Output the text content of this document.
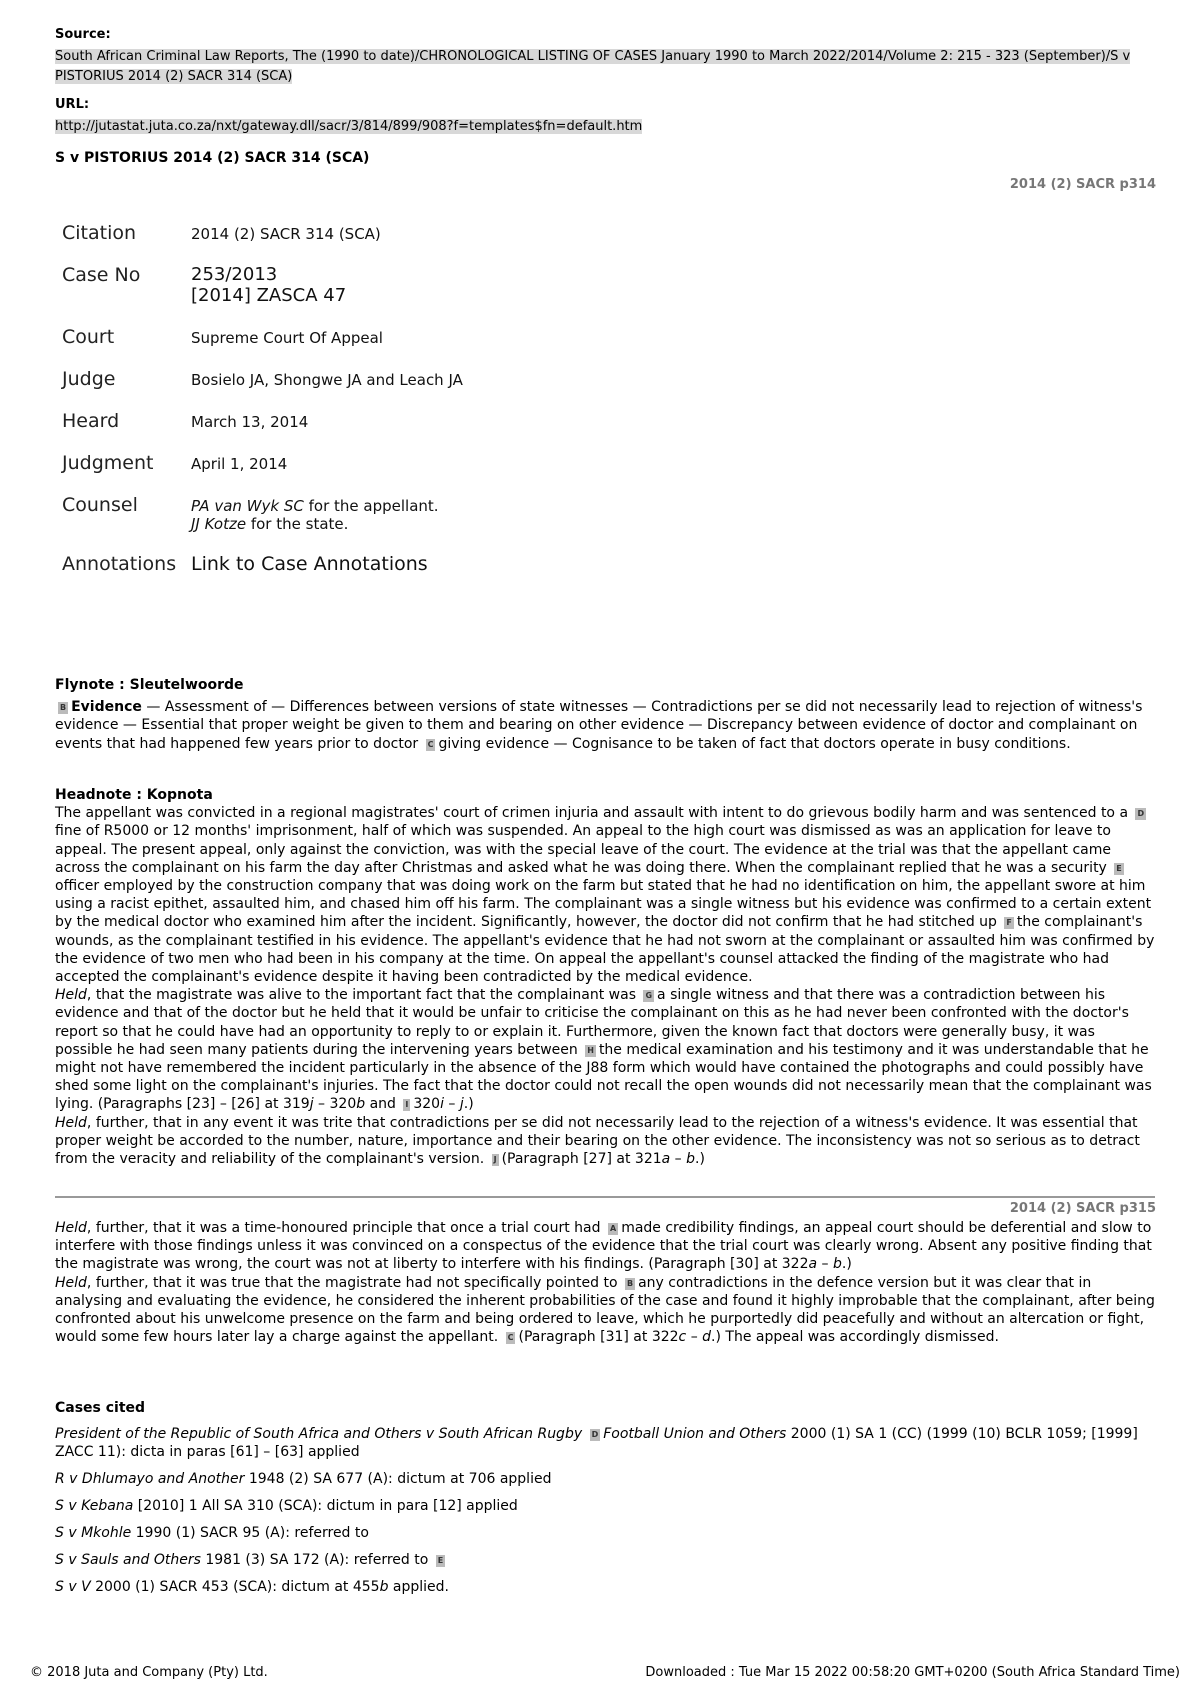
Source:
South African Criminal Law Reports, The (1990 to date)/CHRONOLOGICAL LISTING OF CASES January 1990 to March 2022/2014/Volume 2: 215 - 323 (September)/S v PISTORIUS 2014 (2) SACR 314 (SCA)
URL:
http://jutastat.juta.co.za/nxt/gateway.dll/sacr/3/814/899/908?f=templates$fn=default.htm
S v PISTORIUS 2014 (2) SACR 314 (SCA)
2014 (2) SACR p314
Citation	2014 (2) SACR 314 (SCA)
Case No	253/2013
[2014] ZASCA 47

Court	Supreme Court Of Appeal
Judge	Bosielo JA, Shongwe JA and Leach JA
Heard	March 13, 2014
Judgment	April 1, 2014
Counsel	PA van Wyk SC for the appellant.
JJ Kotze for the state.

Annotations	Link to Case Annotations

Flynote : Sleutelwoorde

B Evidence — Assessment of — Differences between versions of state witnesses — Contradictions per se did not necessarily lead to rejection of witness's evidence — Essential that proper weight be given to them and bearing on other evidence — Discrepancy between evidence of doctor and complainant on events that had happened few years prior to doctor C giving evidence — Cognisance to be taken of fact that doctors operate in busy conditions.

Headnote : Kopnota

The appellant was convicted in a regional magistrates' court of crimen injuria and assault with intent to do grievous bodily harm and was sentenced to a Dfine of R5000 or 12 months' imprisonment, half of which was suspended. An appeal to the high court was dismissed as was an application for leave to appeal. The present appeal, only against the conviction, was with the special leave of the court. The evidence at the trial was that the appellant came across the complainant on his farm the day after Christmas and asked what he was doing there. When the complainant replied that he was a security Eofficer employed by the construction company that was doing work on the farm but stated that he had no identification on him, the appellant swore at him using a racist epithet, assaulted him, and chased him off his farm. The complainant was a single witness but his evidence was confirmed to a certain extent by the medical doctor who examined him after the incident. Significantly, however, the doctor did not confirm that he had stitched up F the complainant's wounds, as the complainant testified in his evidence. The appellant's evidence that he had not sworn at the complainant or assaulted him was confirmed by the evidence of two men who had been in his company at the time. On appeal the appellant's counsel attacked the finding of the magistrate who had accepted the complainant's evidence despite it having been contradicted by the medical evidence.

Held, that the magistrate was alive to the important fact that the complainant was G a single witness and that there was a contradiction between his evidence and that of the doctor but he held that it would be unfair to criticise the complainant on this as he had never been confronted with the doctor's report so that he could have had an opportunity to reply to or explain it. Furthermore, given the known fact that doctors were generally busy, it was possible he had seen many patients during the intervening years between H the medical examination and his testimony and it was understandable that he might not have remembered the incident particularly in the absence of the J88 form which would have contained the photographs and could possibly have shed some light on the complainant's injuries. The fact that the doctor could not recall the open wounds did not necessarily mean that the complainant was lying. (Paragraphs [23] – [26] at 319j – 320b and I 320i – j.)

Held, further, that in any event it was trite that contradictions per se did not necessarily lead to the rejection of a witness's evidence. It was essential that proper weight be accorded to the number, nature, importance and their bearing on the other evidence. The inconsistency was not so serious as to detract from the veracity and reliability of the complainant's version. J (Paragraph [27] at 321a – b.)

2014 (2) SACR p315

Held, further, that it was a time-honoured principle that once a trial court had A made credibility findings, an appeal court should be deferential and slow to interfere with those findings unless it was convinced on a conspectus of the evidence that the trial court was clearly wrong. Absent any positive finding that the magistrate was wrong, the court was not at liberty to interfere with his findings. (Paragraph [30] at 322a – b.)

Held, further, that it was true that the magistrate had not specifically pointed to B any contradictions in the defence version but it was clear that in analysing and evaluating the evidence, he considered the inherent probabilities of the case and found it highly improbable that the complainant, after being confronted about his unwelcome presence on the farm and being ordered to leave, which he purportedly did peacefully and without an altercation or fight, would some few hours later lay a charge against the appellant. C (Paragraph [31] at 322c – d.) The appeal was accordingly dismissed.

Cases cited

President of the Republic of South Africa and Others v South African Rugby D Football Union and Others 2000 (1) SA 1 (CC) (1999 (10) BCLR 1059; [1999] ZACC 11): dicta in paras [61] – [63] applied

R v Dhlumayo and Another 1948 (2) SA 677 (A): dictum at 706 applied

S v Kebana [2010] 1 All SA 310 (SCA): dictum in para [12] applied

S v Mkohle 1990 (1) SACR 95 (A): referred to

S v Sauls and Others 1981 (3) SA 172 (A): referred to E

S v V 2000 (1) SACR 453 (SCA): dictum at 455b applied.

© 2018 Juta and Company (Pty) Ltd.	Downloaded : Tue Mar 15 2022 00:58:20 GMT+0200 (South Africa Standard Time)
